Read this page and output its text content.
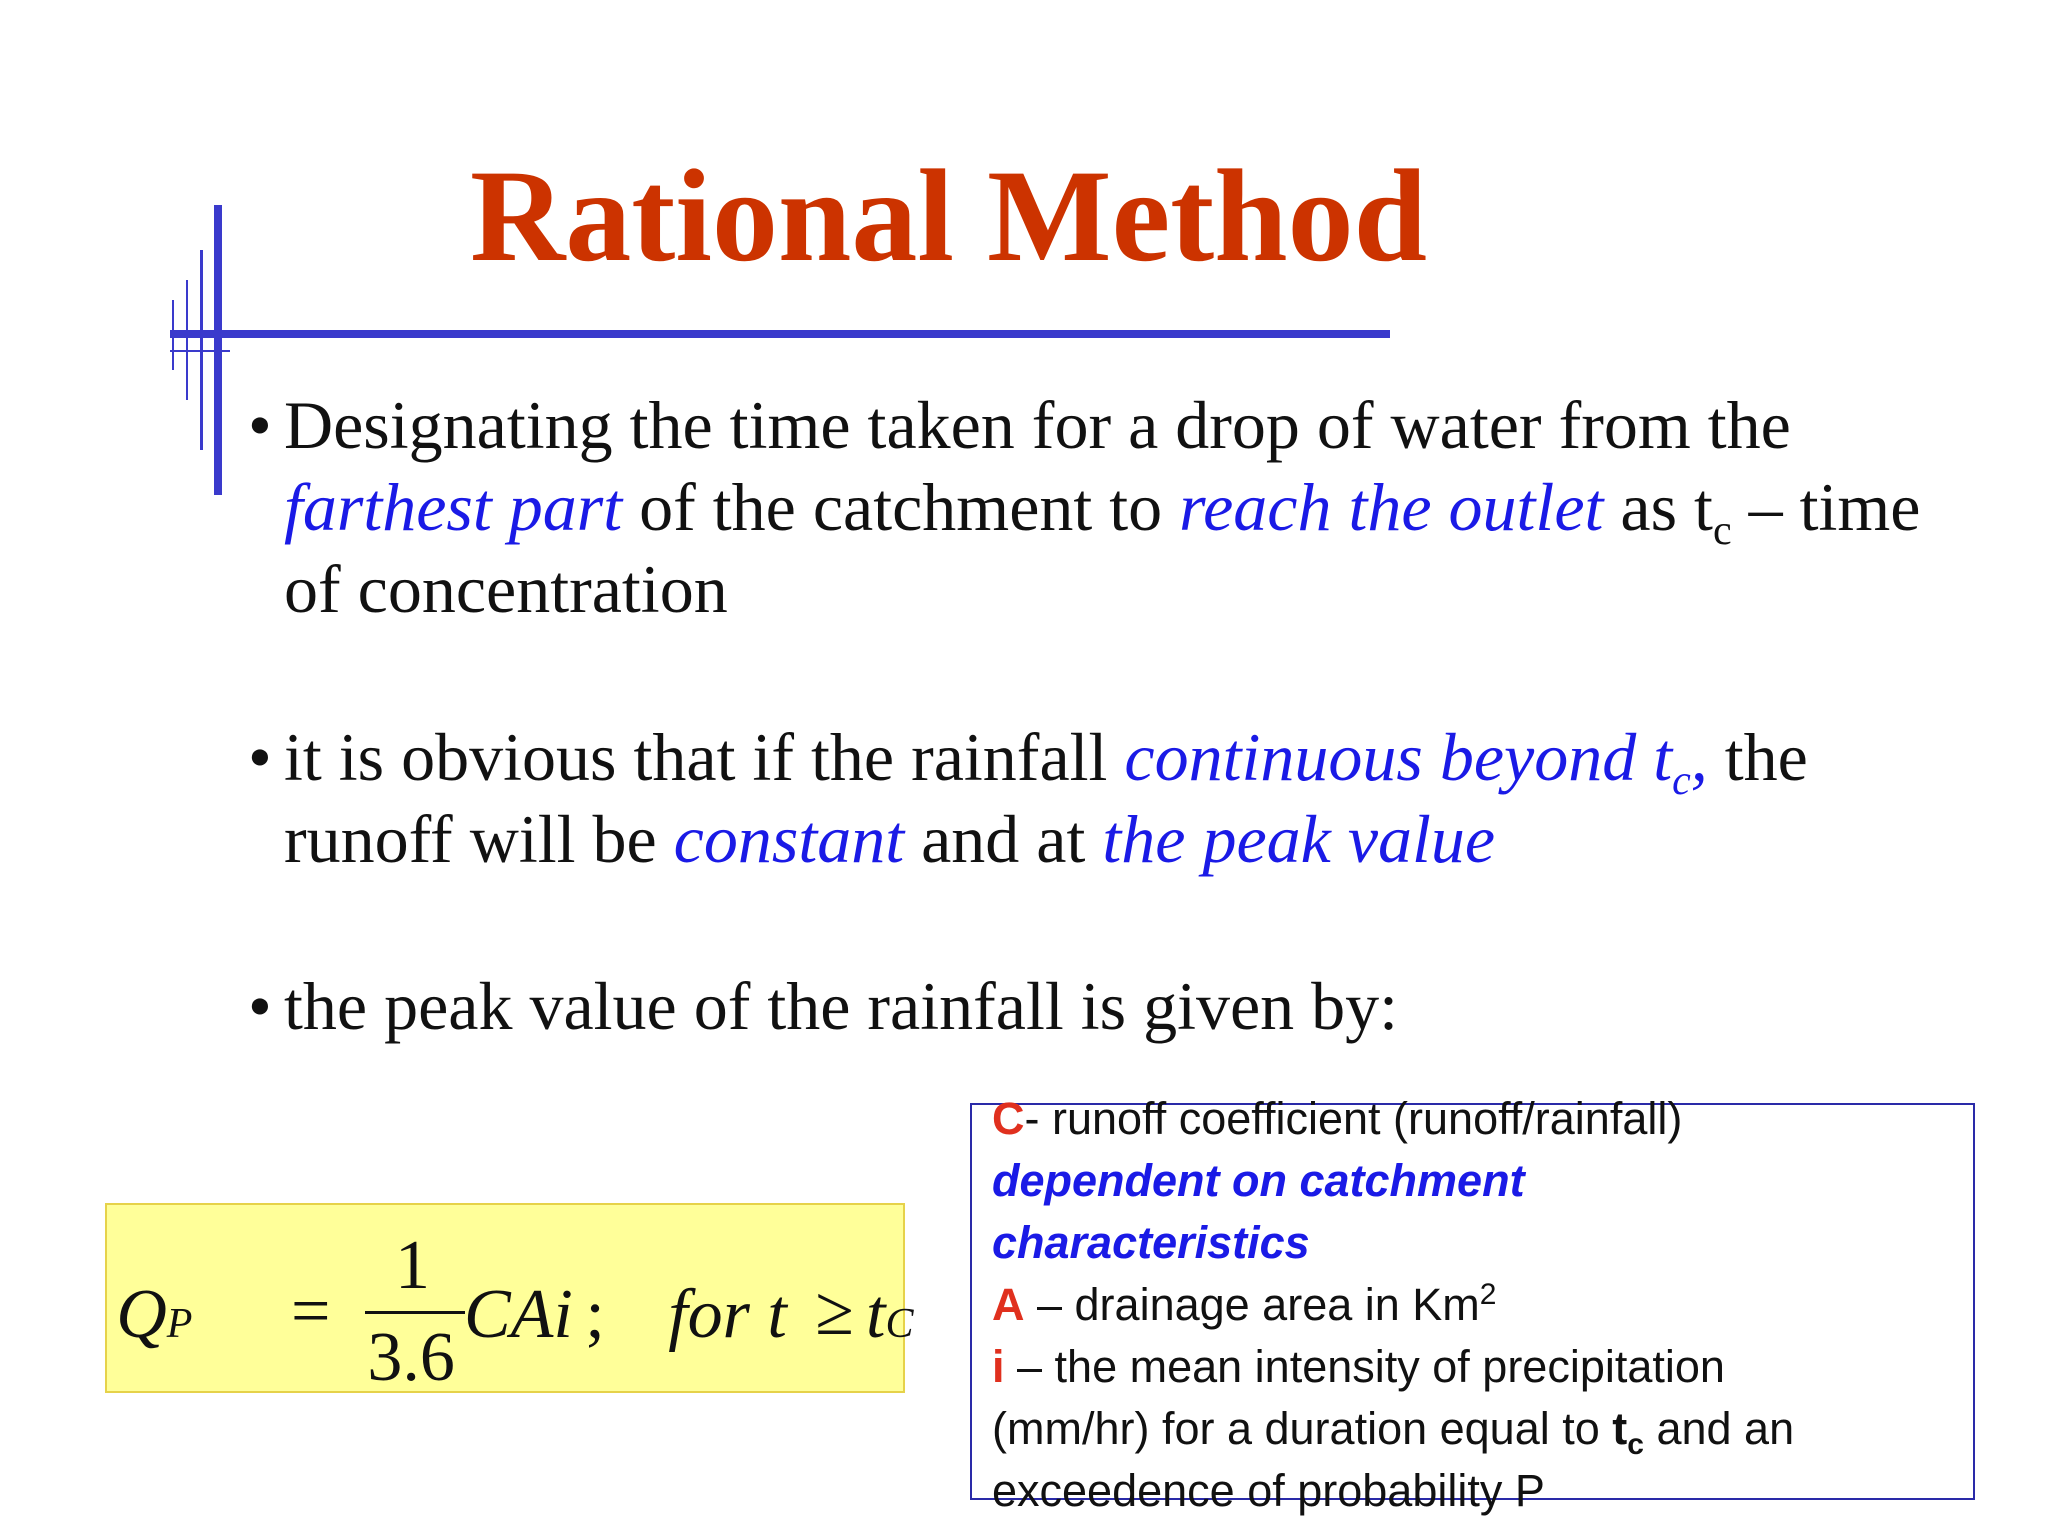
Rational Method
• Designating the time taken for a drop of water from the farthest part of the catchment to reach the outlet as $t_c$ – time of concentration
• it is obvious that if the rainfall continuous beyond $t_c$, the runoff will be constant and at the peak value
• the peak value of the rainfall is given by:
QP =
1
3.6
CAi ; for t ≥ tC
C- runoff coefficient (runoff/rainfall)
dependent on catchment
characteristics
A – drainage area in Km$^2$
i – the mean intensity of precipitation
(mm/hr) for a duration equal to $t_c$ and an
exceedence of probability P
